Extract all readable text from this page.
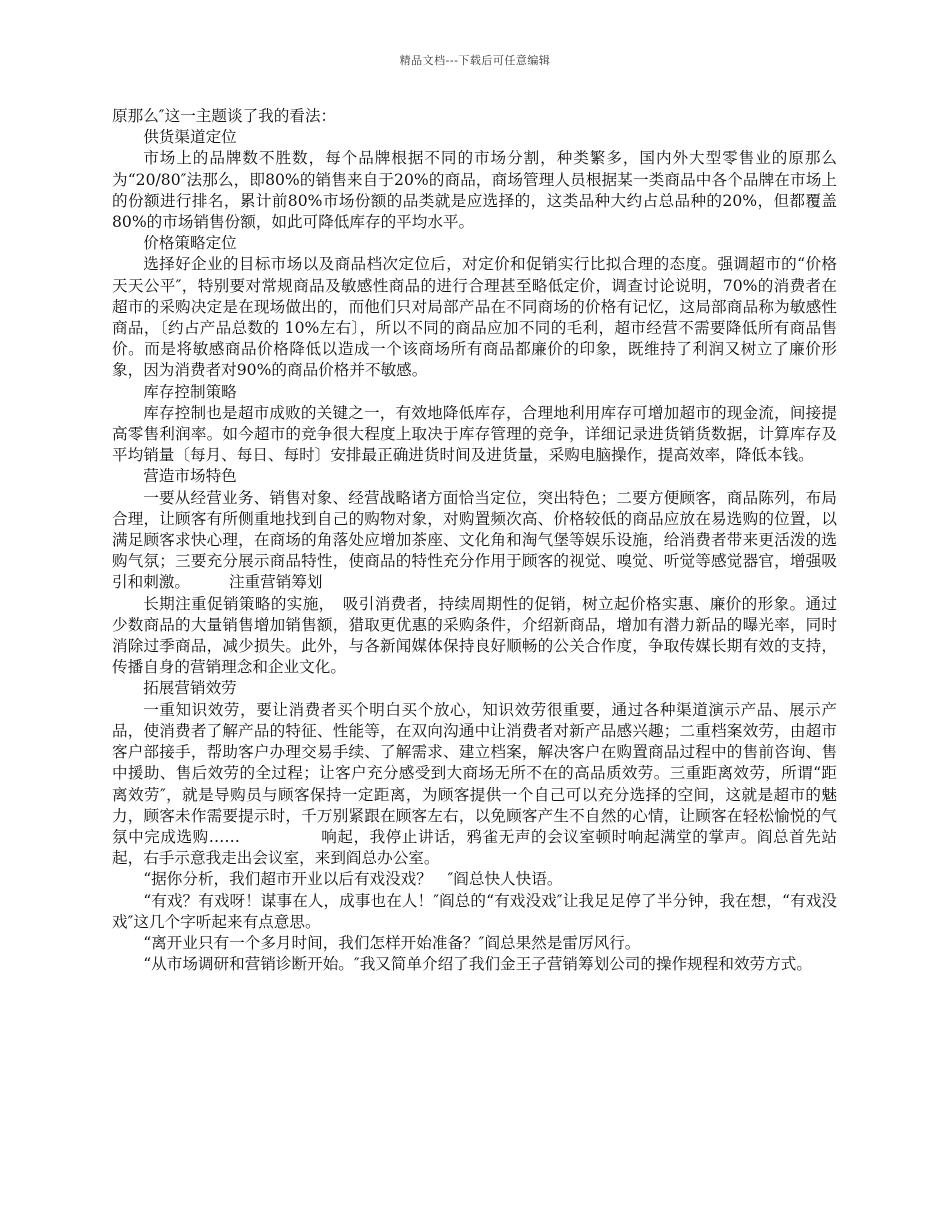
精品文档---下载后可任意编辑

原那么″这一主题谈了我的看法：

供货渠道定位

市场上的品牌数不胜数，每个品牌根据不同的市场分割，种类繁多，国内外大型零售业的原那么为“20/80″法那么，即80%的销售来自于20%的商品，商场管理人员根据某一类商品中各个品牌在市场上的份额进行排名，累计前80%市场份额的品类就是应选择的，这类品种大约占总品种的20%，但都覆盖80%的市场销售份额，如此可降低库存的平均水平。

价格策略定位

选择好企业的目标市场以及商品档次定位后，对定价和促销实行比拟合理的态度。强调超市的“价格天天公平″，特别要对常规商品及敏感性商品的进行合理甚至略低定价，调查讨论说明，70%的消费者在超市的采购决定是在现场做出的，而他们只对局部产品在不同商场的价格有记忆，这局部商品称为敏感性商品，〔约占产品总数的 10%左右〕，所以不同的商品应加不同的毛利，超市经营不需要降低所有商品售价。而是将敏感商品价格降低以造成一个该商场所有商品都廉价的印象，既维持了利润又树立了廉价形象，因为消费者对90%的商品价格并不敏感。

库存控制策略

库存控制也是超市成败的关键之一，有效地降低库存，合理地利用库存可增加超市的现金流，间接提高零售利润率。如今超市的竞争很大程度上取决于库存管理的竞争，详细记录进货销货数据，计算库存及平均销量〔每月、每日、每时〕安排最正确进货时间及进货量，采购电脑操作，提高效率，降低本钱。

营造市场特色

一要从经营业务、销售对象、经营战略诸方面恰当定位，突出特色；二要方便顾客，商品陈列，布局合理，让顾客有所侧重地找到自己的购物对象，对购置频次高、价格较低的商品应放在易选购的位置，以满足顾客求快心理，在商场的角落处应增加茶座、文化角和淘气堡等娱乐设施，给消费者带来更活泼的选购气氛；三要充分展示商品特性，使商品的特性充分作用于顾客的视觉、嗅觉、听觉等感觉器官，增强吸引和刺激。　　　注重营销筹划

长期注重促销策略的实施，　吸引消费者，持续周期性的促销，树立起价格实惠、廉价的形象。通过少数商品的大量销售增加销售额，猎取更优惠的采购条件，介绍新商品，增加有潜力新品的曝光率，同时消除过季商品，减少损失。此外，与各新闻媒体保持良好顺畅的公关合作度，争取传媒长期有效的支持，传播自身的营销理念和企业文化。

拓展营销效劳

一重知识效劳，要让消费者买个明白买个放心，知识效劳很重要，通过各种渠道演示产品、展示产品，使消费者了解产品的特征、性能等，在双向沟通中让消费者对新产品感兴趣；二重档案效劳，由超市客户部接手，帮助客户办理交易手续、了解需求、建立档案，解决客户在购置商品过程中的售前咨询、售中援助、售后效劳的全过程；让客户充分感受到大商场无所不在的高品质效劳。三重距离效劳，所谓“距离效劳″，就是导购员与顾客保持一定距离，为顾客提供一个自己可以充分选择的空间，这就是超市的魅力，顾客未作需要提示时，千万别紧跟在顾客左右，以免顾客产生不自然的心情，让顾客在轻松愉悦的气氛中完成选购……　　　　　响起，我停止讲话，鸦雀无声的会议室顿时响起满堂的掌声。阎总首先站起，右手示意我走出会议室，来到阎总办公室。

“据你分析，我们超市开业以后有戏没戏？　″阎总快人快语。

“有戏？有戏呀！谋事在人，成事也在人！″阎总的“有戏没戏″让我足足停了半分钟，我在想，“有戏没戏″这几个字听起来有点意思。

“离开业只有一个多月时间，我们怎样开始准备？″阎总果然是雷厉风行。

“从市场调研和营销诊断开始。″我又简单介绍了我们金王子营销筹划公司的操作规程和效劳方式。
